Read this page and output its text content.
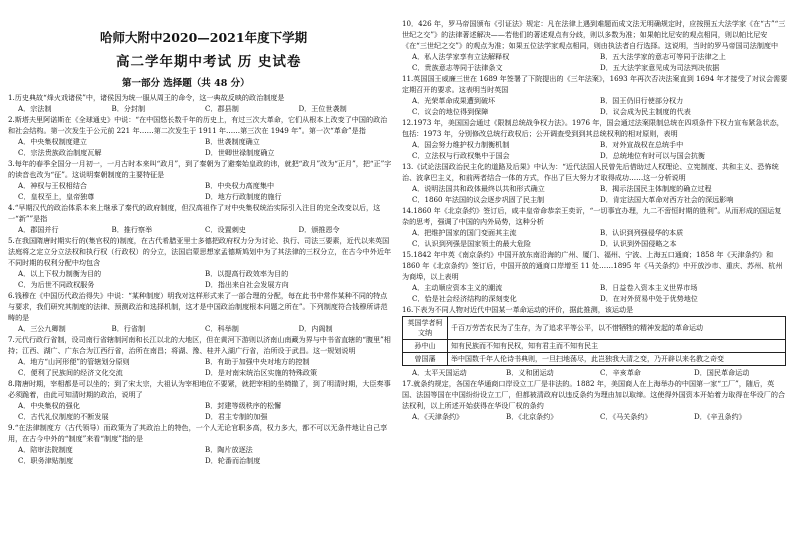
哈师大附中2020—2021年度下学期
高二学年期中考试 历 史试卷
第一部分 选择题（共 48 分）

1.历史典故“烽火戏诸侯”中，诸侯因为统一服从周王的命令，这一典故反映的政治制度是

A．宗法制	B．分封制	C．郡县制	D．王位世袭制

2.斯塔夫里阿诺斯在《全球通史》中说：“在中国悠长数千年的历史上，有过三次大革命，它们从根本上改变了中国的政治和社会结构。第一次发生于公元前 221 年……第二次发生于 1911 年……第三次在 1949 年”。第一次“革命”是指

A．中央集权制度建立	B．世袭制度确立
C．宗法贵族政治制度瓦解	D．世卿世禄制度确立

3.每年的春季全国分一月初一，一月古时本来叫“政月”，到了秦朝为了避秦始皇政的讳，就把“政月”改为“正月”，把“正”字的读音也改为“征”。这说明秦朝制度的主要特征是

A．神权与王权相结合	B．中央权力高度集中
C．皇权至上，皇帝独尊	D．地方行政制度的施行

4.“早期汉代的政治体系本来上继承了秦代的政府制度，但汉高祖作了对中央集权统治实际引入注目的完全改变以后，这一“新””是指

A．郡国并行	B．推行察举	C．设置刺史	D．颁推恩令

5.在我国隋唐时期实行的(集官权的)制度，在古代希腊亚里士多德把政府权力分为讨论、执行、司法三要素，近代以来英国法庭将之定立分立法权和执行权（行政权）的分立，法国启蒙思想家孟德斯鸠划中为了其法律的三权分立，在古今中外近年不同时期的权利分配中均包含

A．以上下权力制衡为目的	B．以提高行政效率为目的
C．为后世不同政权服务	D．指出来自社会发展方向

6.钱穆在《中国历代政治得失》中说：“某种制度）明我对这样形式来了一部合理的分配，每在此书中常作某种不同的特点与要求，我们研究其制度的法律、预测政治和选择机制，这才是中国政治制度根本问题之所在”。下列制度符合钱穆所讲范畴的是

A．三公九卿制	B．行省制	C．科举制	D．内阁制

7.元代行政行省制，设司南行省辖制河南和长江以北的大地区，但在黄河下游则以济南山南藏为界与中书省直辖的“腹里”相持；江西、湖广、广东合为江西行省，治所在南昌；将湖、豫、桂并入湖广行省，治所设于武昌。这一规划说明

A．地方“山河形便”的管辖划分原则	B．有助于加强中央对地方的控制
C．便利了民族间的经济文化交流	D．是对南宋统治区实施的特殊政策

8.隋唐时期，宰相都是可以坐的；到了宋太宗，大祖认为宰相地位不要紧，就把宰相的坐椅撤了，到了明清时期，大臣奏事必须跪着，由此可知清时期的政治，说明了

A．中央集权的强化	B．封建等级秩序的松懈
C．古代礼仪制度的不断发展	D．君主专制的加强

9.“在法律制度方（古代领导）而政策为了其政治上的特色，一个人无论官职多高，权力多大，都不可以无条件地让自己享用，在古今中外的“制度”来看“制度”指的是

A．陪审法院制度	B．陶片放逐法
C．职务津贴制度	D．轮番而治制度

10．426 年，罗马帝国颁布《引证法》规定：凡在法律上遇到难题而成文法无明确规定时，应按照五大法学家《在“古”“三世纪之交”》的法律著述解决——若他们的著述观点有分歧，则以多数为准；如果帕比尼安的观点相同，则以帕比尼安《在“三世纪之交”》的观点为准；如果五位法学家观点相同，则由执法者自行选择。这说明，当时的罗马帝国司法制度中

A．私人法学家享有立法解释权	B．五大法学家的意志可等同于法律之上
C．贵族意志等同于法律条文	D．五大法学家意见成为司法判决依据

11.英国国王威廉三世在 1689 年签署了下院提出的《三年法案》，1693 年再次否决法案直到 1694 年才接受了对议会需要定期召开的要求。这表明当时英国

A．光荣革命成果遭到破坏	B．国王仍旧行使部分权力
C．议会的地位得到保障	D．议会成为民主制度的代表

12.1973 年，美国国会通过《限制总统战争权力法》。1976 年，国会通过法案限制总统在四项条件下权力宣布紧急状态，包括：1973 年，分别修改总统行政权后；公开调查受到到其总统权利的相对原则，表明

A．国会努力维护权力制衡机制	B．对外宣战权在总统手中
C．立法权与行政权集中于国会	D．总统地位有时可以与国会抗衡

13.《试论法国政治民主化的道路及后果》中认为：“近代法国人民曾先后借助过人权理论、立宪制度、共和主义、恐怖统治、波拿巴主义，和前两者结合一体的方式，作出了巨大努力才取得成功……这一分析说明

A．说明法国共和政体最终以共和形式确立	B．揭示法国民主体制度的确立过程
C．1860 年法国的议会逐步巩固了民主制	D．肯定法国大革命对西方社会的深远影响

14.1860 年《北京条约》签订后，咸丰皇帝命恭亲王奕䜣，“一切事宜办理，九二不啻恒时期的胜利”。从而形成的国运复杂的思考，强调了中国的内外局势，这种分析

A．把维护国家的国门变面其主流	B．认识到列强侵华的本质
C．认识到列强是国家领土的最大危险	D．认识到外国侵略之本

15.1842 年中英《南京条约》中国开放东南沿海的广州、厦门、福州、宁波、上海五口通商；1858 年《天津条约》和 1860 年《北京条约》签订后，中国开放的通商口岸增至 11 处……1895 年《马关条约》中开放沙市、重庆、苏州、杭州为商埠，以上表明

A．主动顺应资本主义的潮流	B．日益卷入资本主义世界市场
C．恰是社会经济结构的深刻变化	D．在对外贸易中处于优势地位

16.下表为不同人物对近代中国某一革命运动的评价，据此推测，该运动是

英国学者柯文纳	千百万劳苦农民为了生存，为了追求平等公平，以不惜牺牲的精神发起的革命运动
孙中山	知有民族而不知有民权，知有君主而不知有民主
曾国藩	举中国数千年人伦诗书典则，一旦扫地荡尽，此岂独我大清之变，乃开辟以来名教之奇变
A．太平天国运动	B．义和团运动	C．辛亥革命	D．国民革命运动

17.就条约规定，各国在华通商口岸设立工厂是非法的。1882 年，美国商人在上海举办的中国第一家“工厂”，随后，英国、法国等国在中国纷纷设立工厂，但都被清政府以违反条约为理由加以取缔。这使得外国资本开始着力取得在华设厂的合法权利，以上所述开始获得在华设厂权的条约

A．《天津条约》	B．《北京条约》	C．《马关条约》	D．《辛丑条约》
